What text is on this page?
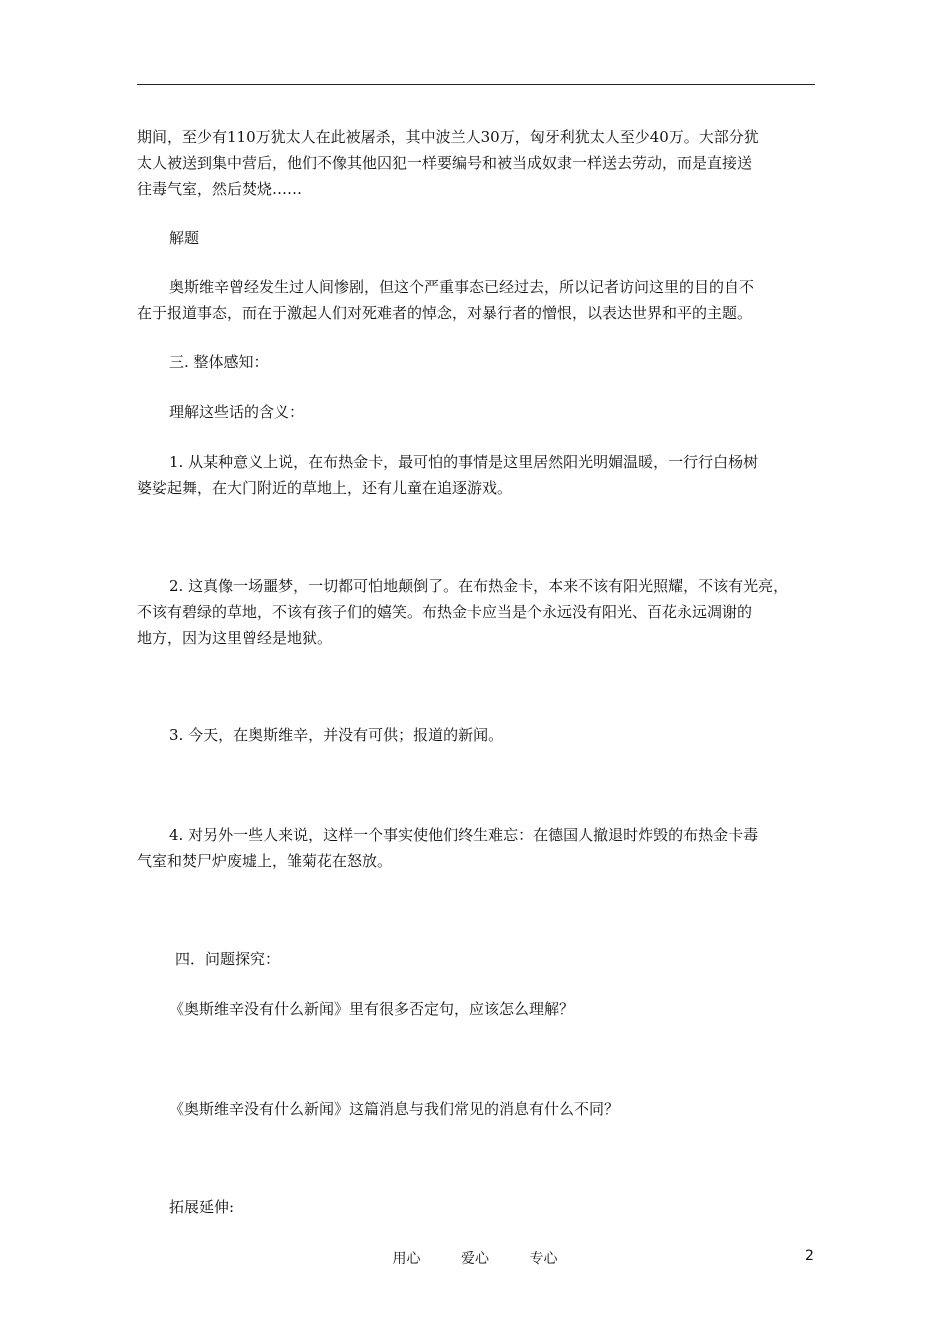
期间，至少有110万犹太人在此被屠杀，其中波兰人30万，匈牙利犹太人至少40万。大部分犹
太人被送到集中营后，他们不像其他囚犯一样要编号和被当成奴隶一样送去劳动，而是直接送
往毒气室，然后焚烧……
解题
奥斯维辛曾经发生过人间惨剧，但这个严重事态已经过去，所以记者访问这里的目的自不
在于报道事态，而在于激起人们对死难者的悼念，对暴行者的憎恨，以表达世界和平的主题。
三. 整体感知：
理解这些话的含义：
1. 从某种意义上说，在布热金卡，最可怕的事情是这里居然阳光明媚温暖，一行行白杨树
婆娑起舞，在大门附近的草地上，还有儿童在追逐游戏。
2. 这真像一场噩梦，一切都可怕地颠倒了。在布热金卡，本来不该有阳光照耀，不该有光亮，
不该有碧绿的草地，不该有孩子们的嬉笑。布热金卡应当是个永远没有阳光、百花永远凋谢的
地方，因为这里曾经是地狱。
3. 今天，在奥斯维辛，并没有可供；报道的新闻。
4. 对另外一些人来说，这样一个事实使他们终生难忘：在德国人撤退时炸毁的布热金卡毒
气室和焚尸炉废墟上，雏菊花在怒放。
四．问题探究：
《奥斯维辛没有什么新闻》里有很多否定句，应该怎么理解？
《奥斯维辛没有什么新闻》这篇消息与我们常见的消息有什么不同？
拓展延伸:
用心	爱心	专心	2
